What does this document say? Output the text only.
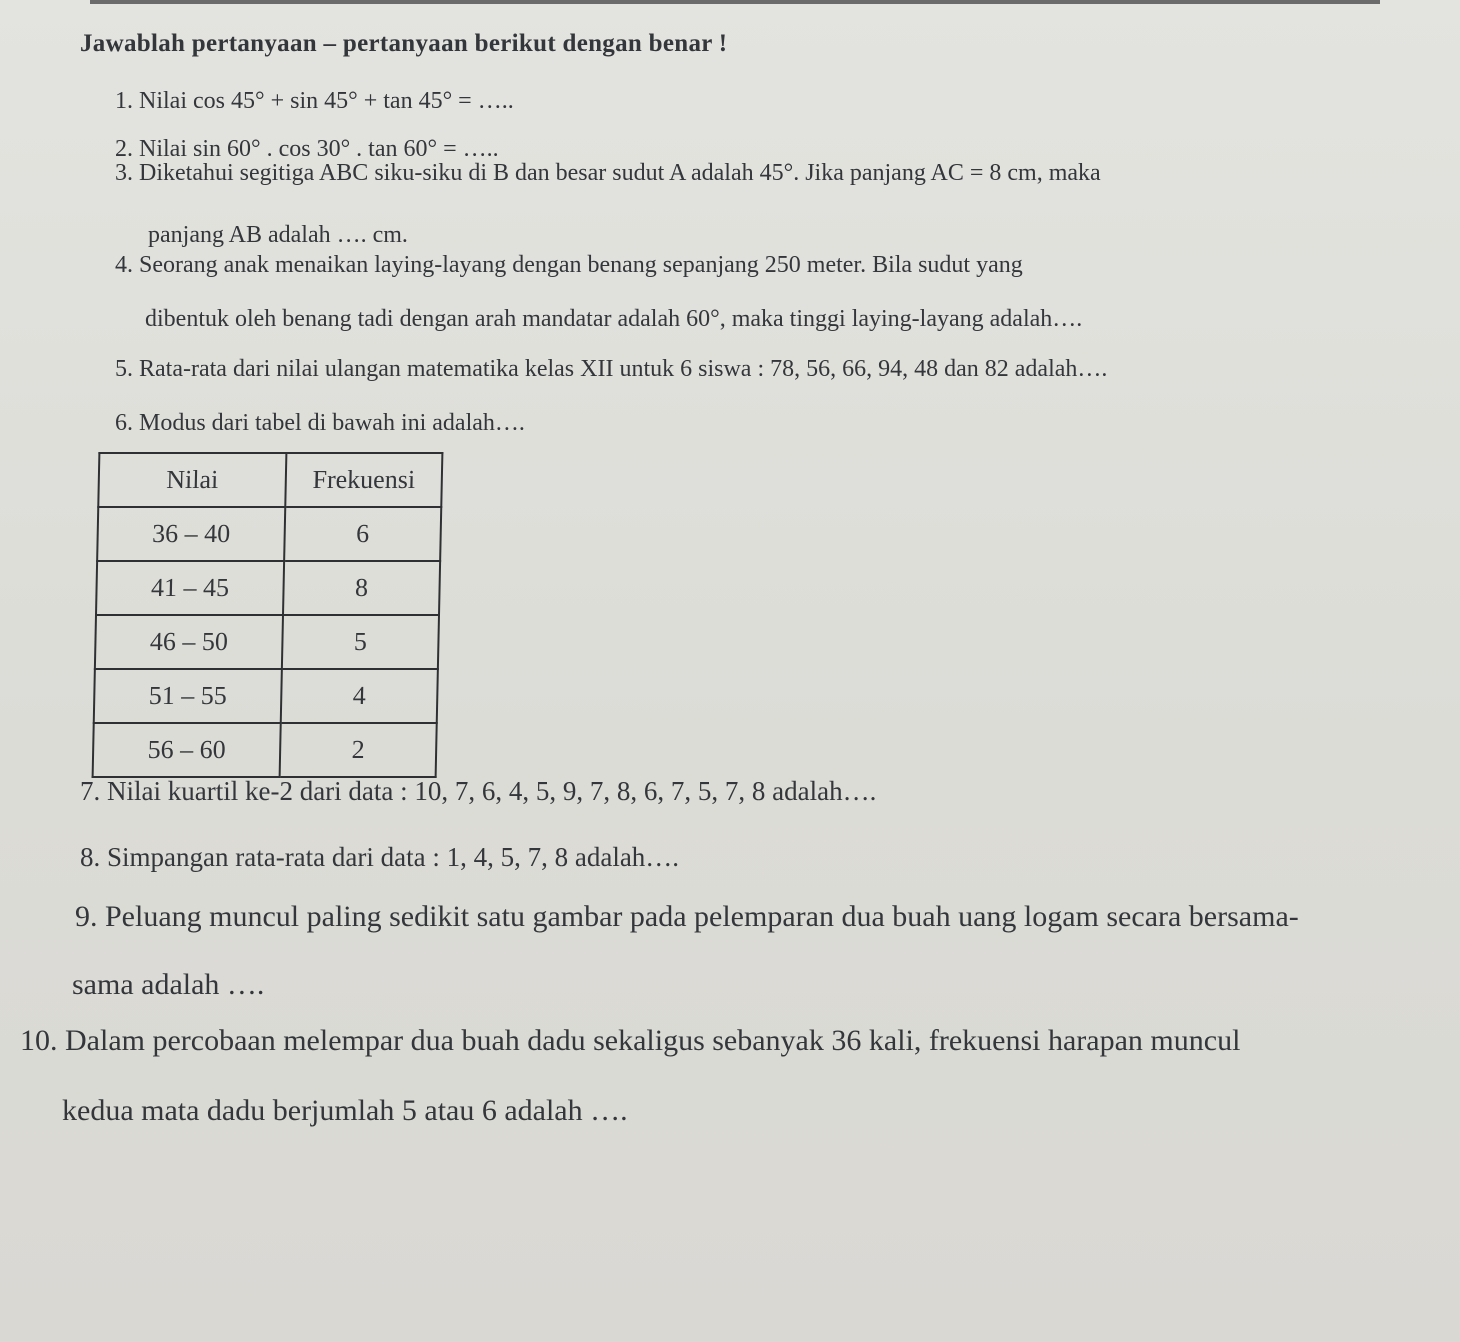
Jawablah pertanyaan – pertanyaan berikut dengan benar !
1. Nilai cos 45° + sin 45° + tan 45° = …..
2. Nilai sin 60° . cos 30° . tan 60° = …..
3. Diketahui segitiga ABC siku-siku di B dan besar sudut A adalah 45°. Jika panjang AC = 8 cm, maka
panjang AB adalah …. cm.
4. Seorang anak menaikan laying-layang dengan benang sepanjang 250 meter. Bila sudut yang
dibentuk oleh benang tadi dengan arah mandatar adalah 60°, maka tinggi laying-layang adalah….
5. Rata-rata dari nilai ulangan matematika kelas XII untuk 6 siswa : 78, 56, 66, 94, 48 dan 82 adalah….
6. Modus dari tabel di bawah ini adalah….
Nilai	Frekuensi
36 – 40	6
41 – 45	8
46 – 50	5
51 – 55	4
56 – 60	2
7. Nilai kuartil ke-2 dari data : 10, 7, 6, 4, 5, 9, 7, 8, 6, 7, 5, 7, 8 adalah….
8. Simpangan rata-rata dari data : 1, 4, 5, 7, 8 adalah….
9. Peluang muncul paling sedikit satu gambar pada pelemparan dua buah uang logam secara bersama-
sama adalah ….
10. Dalam percobaan melempar dua buah dadu sekaligus sebanyak 36 kali, frekuensi harapan muncul
kedua mata dadu berjumlah 5 atau 6 adalah ….
